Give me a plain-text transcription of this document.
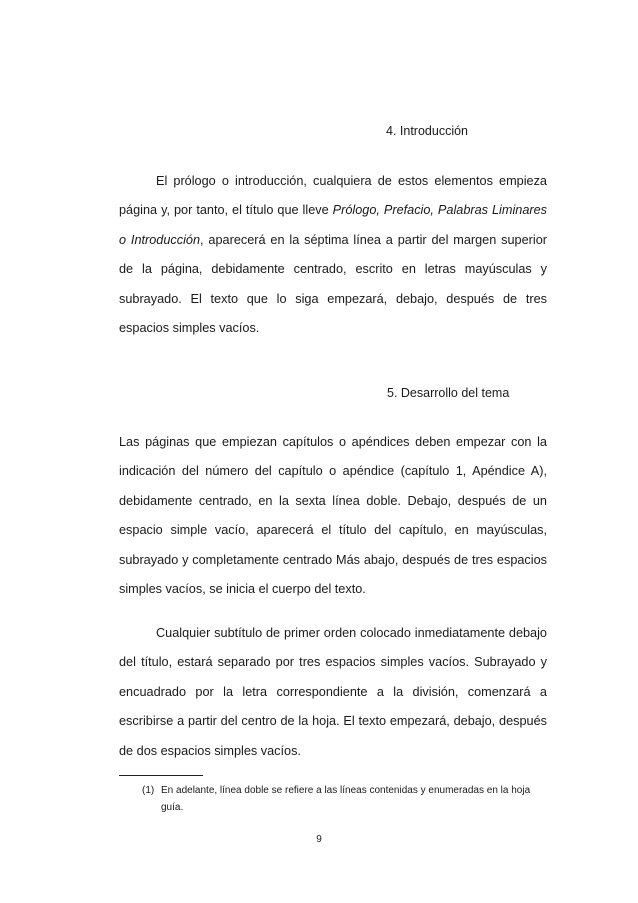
4. Introducción

El prólogo o introducción, cualquiera de estos elementos empieza página y, por tanto, el título que lleve Prólogo, Prefacio, Palabras Liminares o Introducción, aparecerá en la séptima línea a partir del margen superior de la página, debidamente centrado, escrito en letras mayúsculas y subrayado. El texto que lo siga empezará, debajo, después de tres espacios simples vacíos.

5. Desarrollo del tema

Las páginas que empiezan capítulos o apéndices deben empezar con la indicación del número del capítulo o apéndice (capítulo 1, Apéndice A), debidamente centrado, en la sexta línea doble. Debajo, después de un espacio simple vacío, aparecerá el título del capítulo, en mayúsculas, subrayado y completamente centrado Más abajo, después de tres espacios simples vacíos, se inicia el cuerpo del texto.

Cualquier subtítulo de primer orden colocado inmediatamente debajo del título, estará separado por tres espacios simples vacíos. Subrayado y encuadrado por la letra correspondiente a la división, comenzará a escribirse a partir del centro de la hoja. El texto empezará, debajo, después de dos espacios simples vacíos.

(1) En adelante, línea doble se refiere a las líneas contenidas y enumeradas en la hoja guía.
9
